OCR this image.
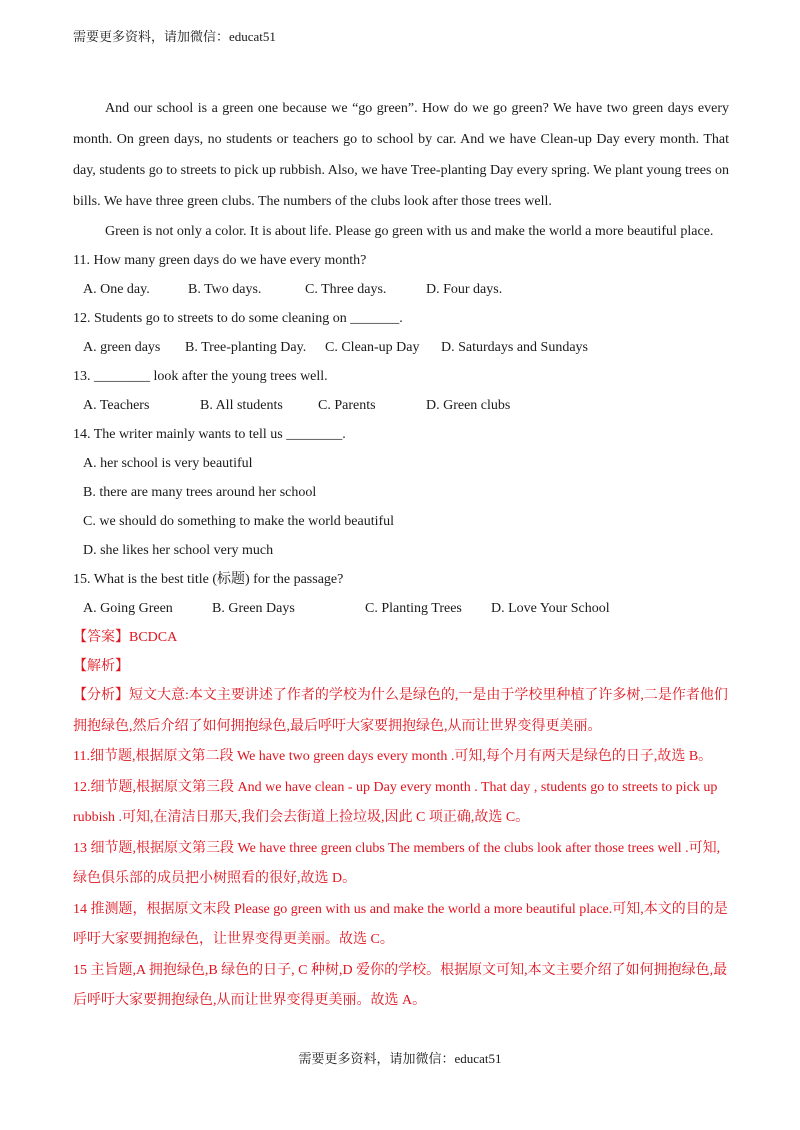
需要更多资料，请加微信：educat51
And our school is a green one because we “go green”. How do we go green? We have two green days every month. On green days, no students or teachers go to school by car. And we have Clean-up Day every month. That day, students go to streets to pick up rubbish. Also, we have Tree-planting Day every spring. We plant young trees on bills. We have three green clubs. The numbers of the clubs look after those trees well.
Green is not only a color. It is about life. Please go green with us and make the world a more beautiful place.
11. How many green days do we have every month?
A. One day.	B. Two days.	C. Three days.	D. Four days.
12. Students go to streets to do some cleaning on _______.
A. green days B. Tree-planting Day. C. Clean-up Day D. Saturdays and Sundays
13. ________ look after the young trees well.
A. Teachers	B. All students	C. Parents	D. Green clubs
14. The writer mainly wants to tell us ________.
A. her school is very beautiful
B. there are many trees around her school
C. we should do something to make the world beautiful
D. she likes her school very much
15. What is the best title (标题) for the passage?
A. Going Green	B. Green Days	C. Planting Trees D. Love Your School
【答案】BCDCA
【解析】
【分析】短文大意:本文主要讲述了作者的学校为什么是绿色的,一是由于学校里种植了许多树,二是作者他们拥抱绿色,然后介绍了如何拥抱绿色,最后呼吁大家要拥抱绿色,从而让世界变得更美丽。
11.细节题,根据原文第二段 We have two green days every month .可知,每个月有两天是绿色的日子,故选 B。
12.细节题,根据原文第三段 And we have clean - up Day every month . That day , students go to streets to pick up rubbish .可知,在清洁日那天,我们会去街道上捡垃圾,因此 C 项正确,故选 C。
13 细节题,根据原文第三段 We have three green clubs The members of the clubs look after those trees well .可知,绿色俱乐部的成员把小树照看的很好,故选 D。
14 推测题，根据原文末段 Please go green with us and make the world a more beautiful place.可知,本文的目的是 呼吁大家要拥抱绿色，让世界变得更美丽。故选 C。
15 主旨题,A 拥抱绿色,B 绿色的日子, C 种树,D 爱你的学校。根据原文可知,本文主要介绍了如何拥抱绿色,最后呼吁大家要拥抱绿色,从而让世界变得更美丽。故选 A。
需要更多资料，请加微信：educat51
